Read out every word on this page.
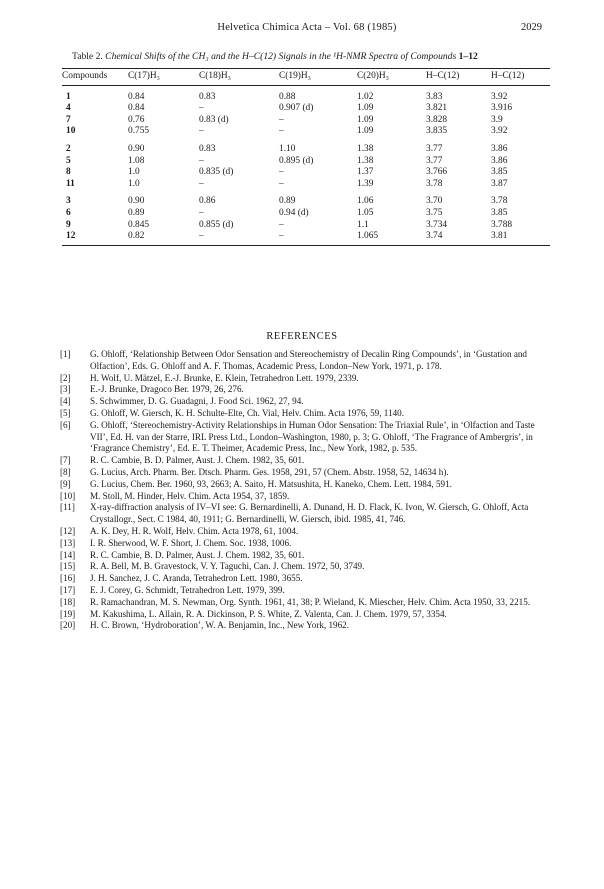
Helvetica Chimica Acta – Vol. 68 (1985)	2029
Table 2. Chemical Shifts of the CH₃ and the H–C(12) Signals in the ¹H-NMR Spectra of Compounds 1–12
Compounds	C(17)H₃	C(18)H₃	C(19)H₃	C(20)H₃	H–C(12)	H–C(12)
1	0.84	0.83	0.88	1.02	3.83	3.92
4	0.84	–	0.907 (d)	1.09	3.821	3.916
7	0.76	0.83 (d)	–	1.09	3.828	3.9
10	0.755	–	–	1.09	3.835	3.92
2	0.90	0.83	1.10	1.38	3.77	3.86
5	1.08	–	0.895 (d)	1.38	3.77	3.86
8	1.0	0.835 (d)	–	1.37	3.766	3.85
11	1.0	–	–	1.39	3.78	3.87
3	0.90	0.86	0.89	1.06	3.70	3.78
6	0.89	–	0.94 (d)	1.05	3.75	3.85
9	0.845	0.855 (d)	–	1.1	3.734	3.788
12	0.82	–	–	1.065	3.74	3.81
REFERENCES
[1] G. Ohloff, ‘Relationship Between Odor Sensation and Stereochemistry of Decalin Ring Compounds’, in ‘Gustation and Olfaction’, Eds. G. Ohloff and A. F. Thomas, Academic Press, London–New York, 1971, p. 178.
[2] H. Wolf, U. Mätzel, E.-J. Brunke, E. Klein, Tetrahedron Lett. 1979, 2339.
[3] E.-J. Brunke, Dragoco Ber. 1979, 26, 276.
[4] S. Schwimmer, D. G. Guadagni, J. Food Sci. 1962, 27, 94.
[5] G. Ohloff, W. Giersch, K. H. Schulte-Elte, Ch. Vial, Helv. Chim. Acta 1976, 59, 1140.
[6] G. Ohloff, ‘Stereochemistry-Activity Relationships in Human Odor Sensation: The Triaxial Rule’, in ‘Olfaction and Taste VII’, Ed. H. van der Starre, IRL Press Ltd., London–Washington, 1980, p. 3; G. Ohloff, ‘The Fragrance of Ambergris’, in ‘Fragrance Chemistry’, Ed. E. T. Theimer, Academic Press, Inc., New York, 1982, p. 535.
[7] R. C. Cambie, B. D. Palmer, Aust. J. Chem. 1982, 35, 601.
[8] G. Lucius, Arch. Pharm. Ber. Dtsch. Pharm. Ges. 1958, 291, 57 (Chem. Abstr. 1958, 52, 14634 h).
[9] G. Lucius, Chem. Ber. 1960, 93, 2663; A. Saito, H. Matsushita, H. Kaneko, Chem. Lett. 1984, 591.
[10] M. Stoll, M. Hinder, Helv. Chim. Acta 1954, 37, 1859.
[11] X-ray-diffraction analysis of IV–VI see: G. Bernardinelli, A. Dunand, H. D. Flack, K. Ivon, W. Giersch, G. Ohloff, Acta Crystallogr., Sect. C 1984, 40, 1911; G. Bernardinelli, W. Giersch, ibid. 1985, 41, 746.
[12] A. K. Dey, H. R. Wolf, Helv. Chim. Acta 1978, 61, 1004.
[13] I. R. Sherwood, W. F. Short, J. Chem. Soc. 1938, 1006.
[14] R. C. Cambie, B. D. Palmer, Aust. J. Chem. 1982, 35, 601.
[15] R. A. Bell, M. B. Gravestock, V. Y. Taguchi, Can. J. Chem. 1972, 50, 3749.
[16] J. H. Sanchez, J. C. Aranda, Tetrahedron Lett. 1980, 3655.
[17] E. J. Corey, G. Schmidt, Tetrahedron Lett. 1979, 399.
[18] R. Ramachandran, M. S. Newman, Org. Synth. 1961, 41, 38; P. Wieland, K. Miescher, Helv. Chim. Acta 1950, 33, 2215.
[19] M. Kakushima, L. Allain, R. A. Dickinson, P. S. White, Z. Valenta, Can. J. Chem. 1979, 57, 3354.
[20] H. C. Brown, ‘Hydroboration’, W. A. Benjamin, Inc., New York, 1962.
